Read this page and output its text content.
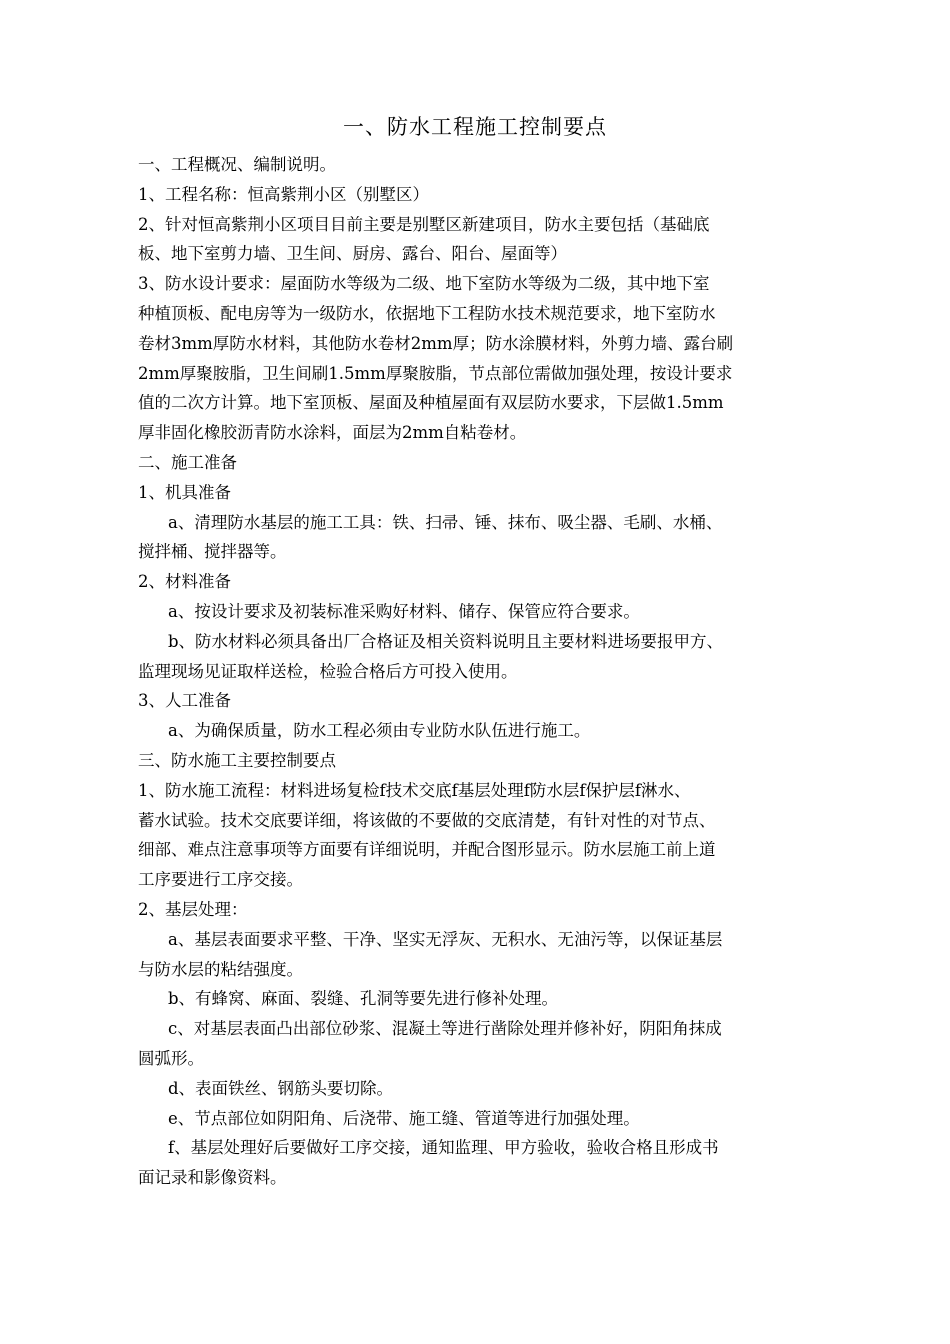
一、防水工程施工控制要点
一、工程概况、编制说明。
1、工程名称：恒高紫荆小区（别墅区）
2、针对恒高紫荆小区项目目前主要是别墅区新建项目，防水主要包括（基础底
板、地下室剪力墙、卫生间、厨房、露台、阳台、屋面等）
3、防水设计要求：屋面防水等级为二级、地下室防水等级为二级，其中地下室
种植顶板、配电房等为一级防水，依据地下工程防水技术规范要求，地下室防水
卷材3mm厚防水材料，其他防水卷材2mm厚；防水涂膜材料，外剪力墙、露台刷
2mm厚聚胺脂，卫生间刷1.5mm厚聚胺脂，节点部位需做加强处理，按设计要求
值的二次方计算。地下室顶板、屋面及种植屋面有双层防水要求，下层做1.5mm
厚非固化橡胶沥青防水涂料，面层为2mm自粘卷材。
二、施工准备
1、机具准备
a、清理防水基层的施工工具：铁、扫帚、锤、抹布、吸尘器、毛刷、水桶、
搅拌桶、搅拌器等。
2、材料准备
a、按设计要求及初装标准采购好材料、储存、保管应符合要求。
b、防水材料必须具备出厂合格证及相关资料说明且主要材料进场要报甲方、
监理现场见证取样送检，检验合格后方可投入使用。
3、人工准备
a、为确保质量，防水工程必须由专业防水队伍进行施工。
三、防水施工主要控制要点
1、防水施工流程：材料进场复检f技术交底f基层处理f防水层f保护层f淋水、
蓄水试验。技术交底要详细，将该做的不要做的交底清楚，有针对性的对节点、
细部、难点注意事项等方面要有详细说明，并配合图形显示。防水层施工前上道
工序要进行工序交接。
2、基层处理：
a、基层表面要求平整、干净、坚实无浮灰、无积水、无油污等，以保证基层
与防水层的粘结强度。
b、有蜂窝、麻面、裂缝、孔洞等要先进行修补处理。
c、对基层表面凸出部位砂浆、混凝土等进行凿除处理并修补好，阴阳角抹成
圆弧形。
d、表面铁丝、钢筋头要切除。
e、节点部位如阴阳角、后浇带、施工缝、管道等进行加强处理。
f、基层处理好后要做好工序交接，通知监理、甲方验收，验收合格且形成书
面记录和影像资料。
